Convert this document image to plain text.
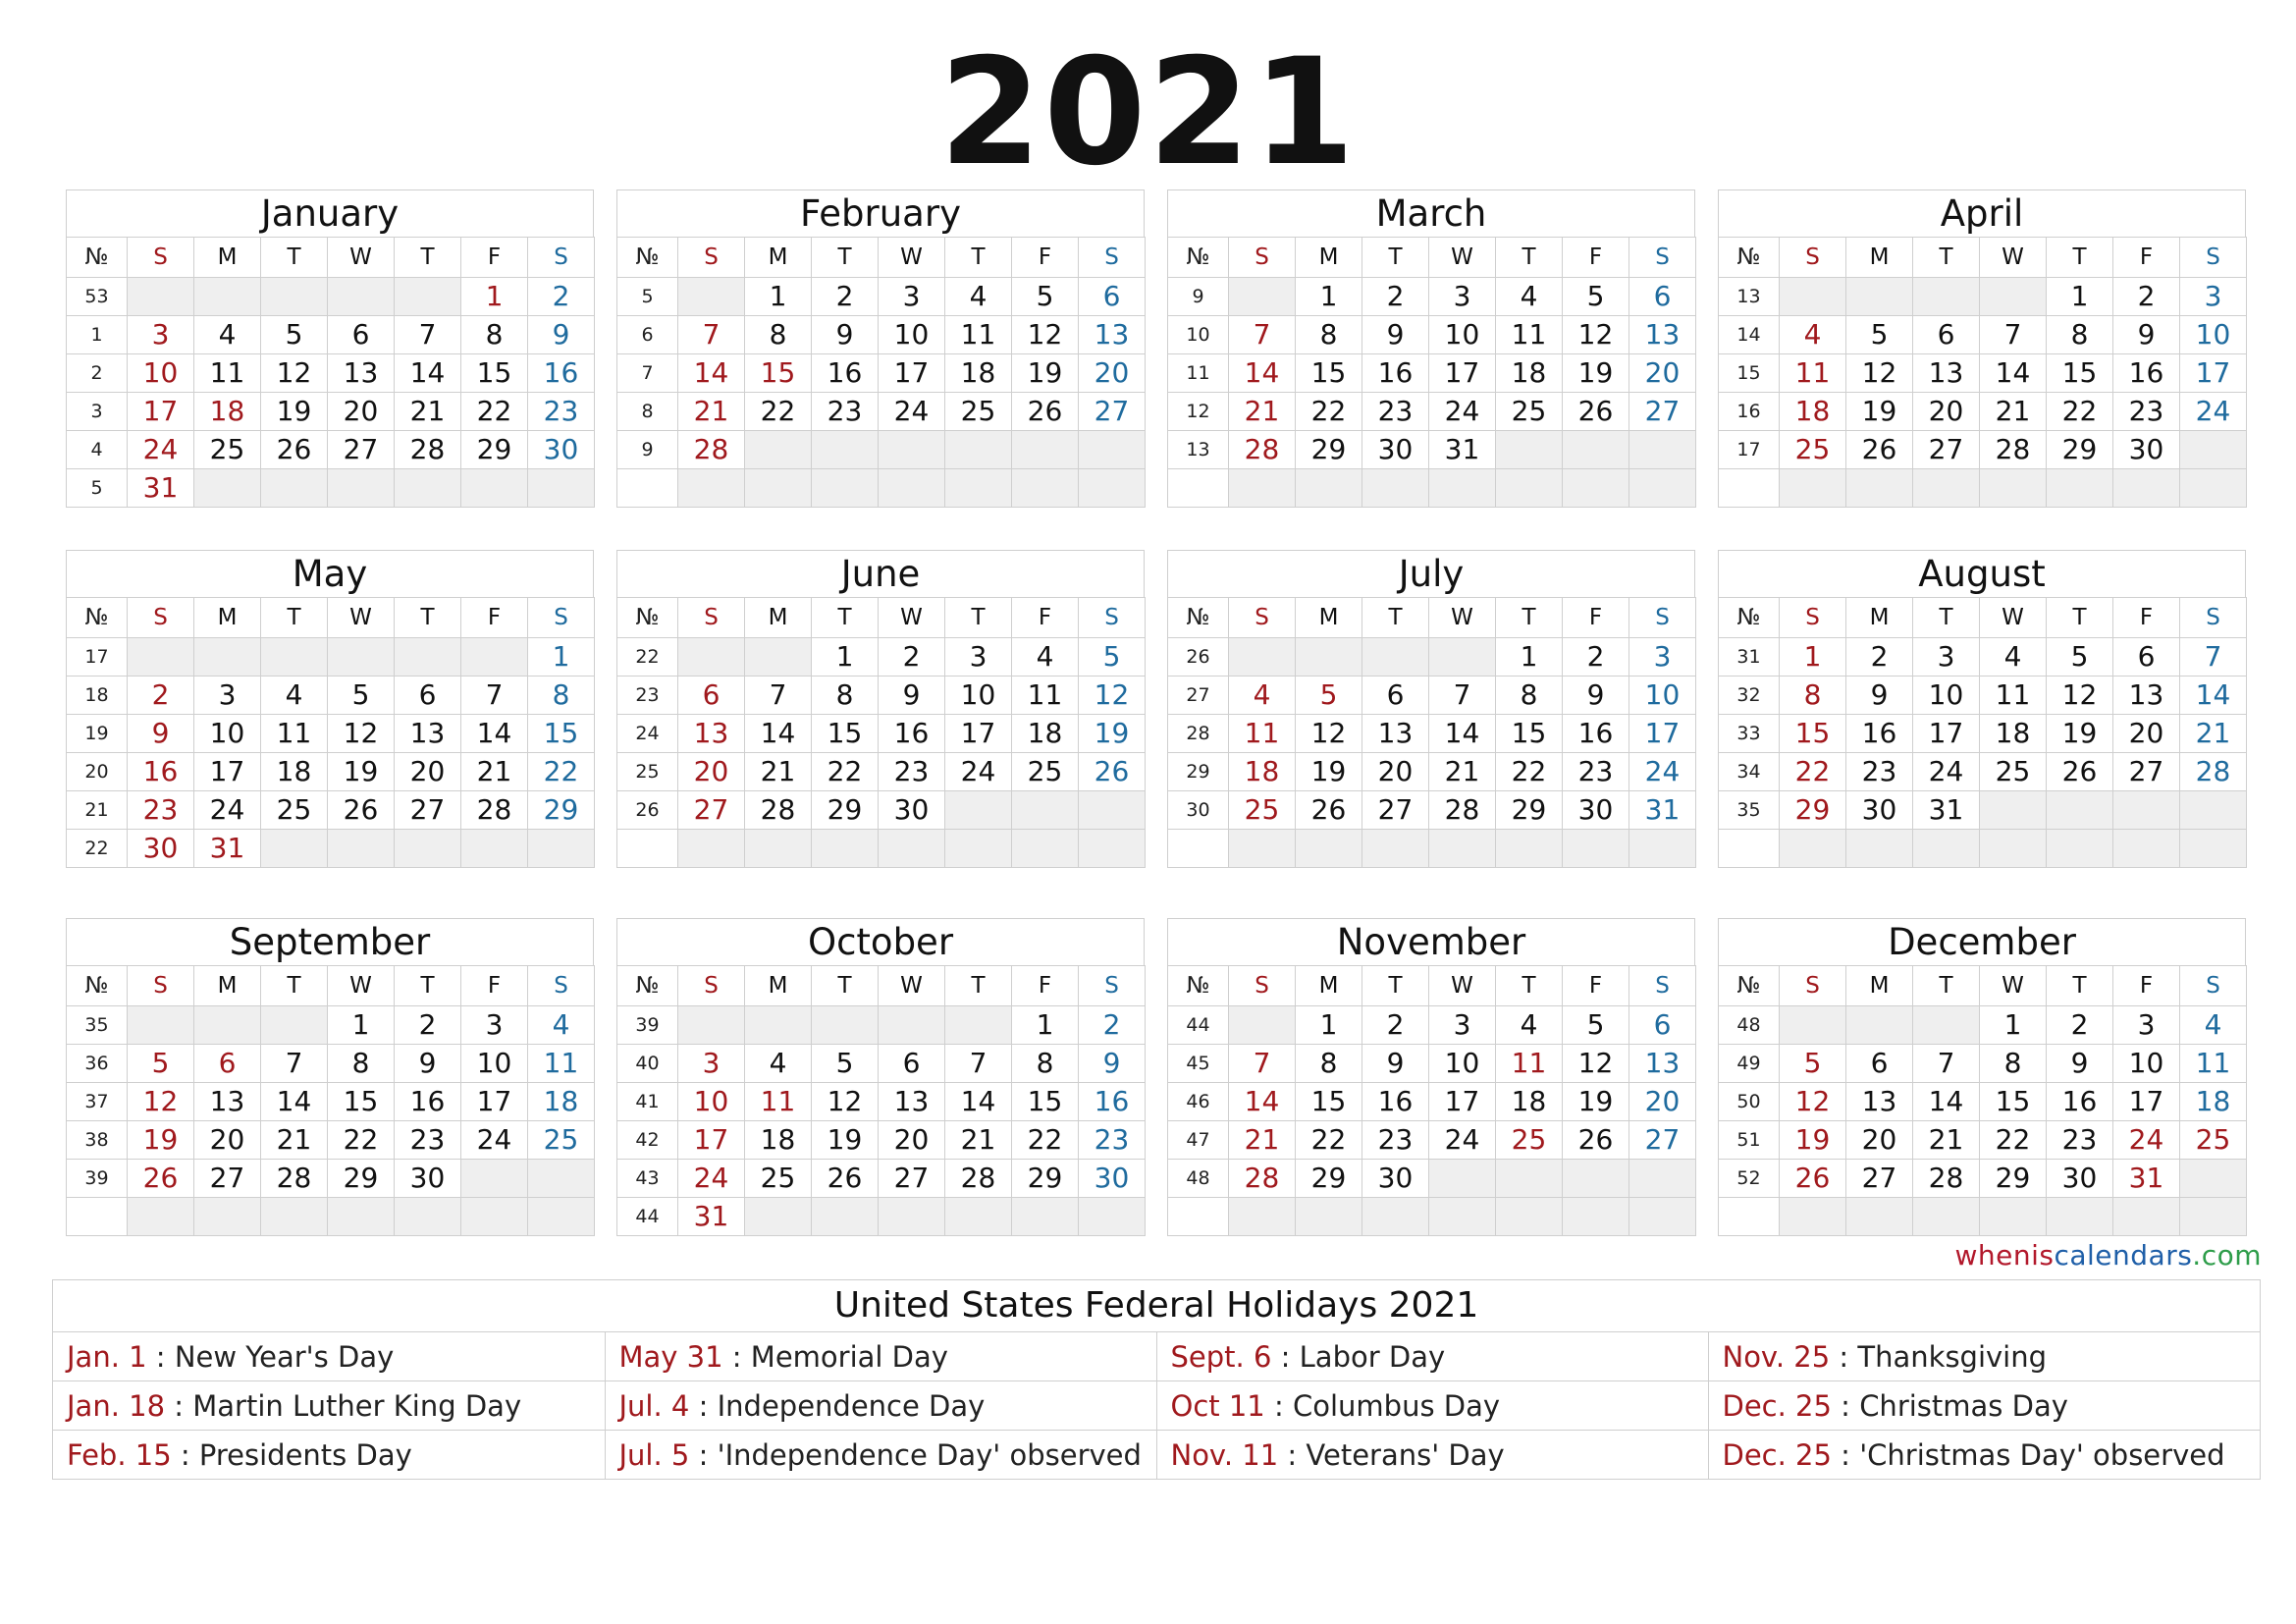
2021
January
№	S	M	T	W	T	F	S
53						1	2
1	3	4	5	6	7	8	9
2	10	11	12	13	14	15	16
3	17	18	19	20	21	22	23
4	24	25	26	27	28	29	30
5	31						
February
№	S	M	T	W	T	F	S
5		1	2	3	4	5	6
6	7	8	9	10	11	12	13
7	14	15	16	17	18	19	20
8	21	22	23	24	25	26	27
9	28						

March
№	S	M	T	W	T	F	S
9		1	2	3	4	5	6
10	7	8	9	10	11	12	13
11	14	15	16	17	18	19	20
12	21	22	23	24	25	26	27
13	28	29	30	31			

April
№	S	M	T	W	T	F	S
13					1	2	3
14	4	5	6	7	8	9	10
15	11	12	13	14	15	16	17
16	18	19	20	21	22	23	24
17	25	26	27	28	29	30	

May
№	S	M	T	W	T	F	S
17							1
18	2	3	4	5	6	7	8
19	9	10	11	12	13	14	15
20	16	17	18	19	20	21	22
21	23	24	25	26	27	28	29
22	30	31					
June
№	S	M	T	W	T	F	S
22			1	2	3	4	5
23	6	7	8	9	10	11	12
24	13	14	15	16	17	18	19
25	20	21	22	23	24	25	26
26	27	28	29	30			

July
№	S	M	T	W	T	F	S
26					1	2	3
27	4	5	6	7	8	9	10
28	11	12	13	14	15	16	17
29	18	19	20	21	22	23	24
30	25	26	27	28	29	30	31

August
№	S	M	T	W	T	F	S
31	1	2	3	4	5	6	7
32	8	9	10	11	12	13	14
33	15	16	17	18	19	20	21
34	22	23	24	25	26	27	28
35	29	30	31				

September
№	S	M	T	W	T	F	S
35				1	2	3	4
36	5	6	7	8	9	10	11
37	12	13	14	15	16	17	18
38	19	20	21	22	23	24	25
39	26	27	28	29	30		

October
№	S	M	T	W	T	F	S
39						1	2
40	3	4	5	6	7	8	9
41	10	11	12	13	14	15	16
42	17	18	19	20	21	22	23
43	24	25	26	27	28	29	30
44	31						
November
№	S	M	T	W	T	F	S
44		1	2	3	4	5	6
45	7	8	9	10	11	12	13
46	14	15	16	17	18	19	20
47	21	22	23	24	25	26	27
48	28	29	30				

December
№	S	M	T	W	T	F	S
48				1	2	3	4
49	5	6	7	8	9	10	11
50	12	13	14	15	16	17	18
51	19	20	21	22	23	24	25
52	26	27	28	29	30	31	

wheniscalendars.com
United States Federal Holidays 2021
Jan. 1 : New Year's Day	May 31 : Memorial Day	Sept. 6 : Labor Day	Nov. 25 : Thanksgiving
Jan. 18 : Martin Luther King Day	Jul. 4 : Independence Day	Oct 11 : Columbus Day	Dec. 25 : Christmas Day
Feb. 15 : Presidents Day	Jul. 5 : 'Independence Day' observed	Nov. 11 : Veterans' Day	Dec. 25 : 'Christmas Day' observed
